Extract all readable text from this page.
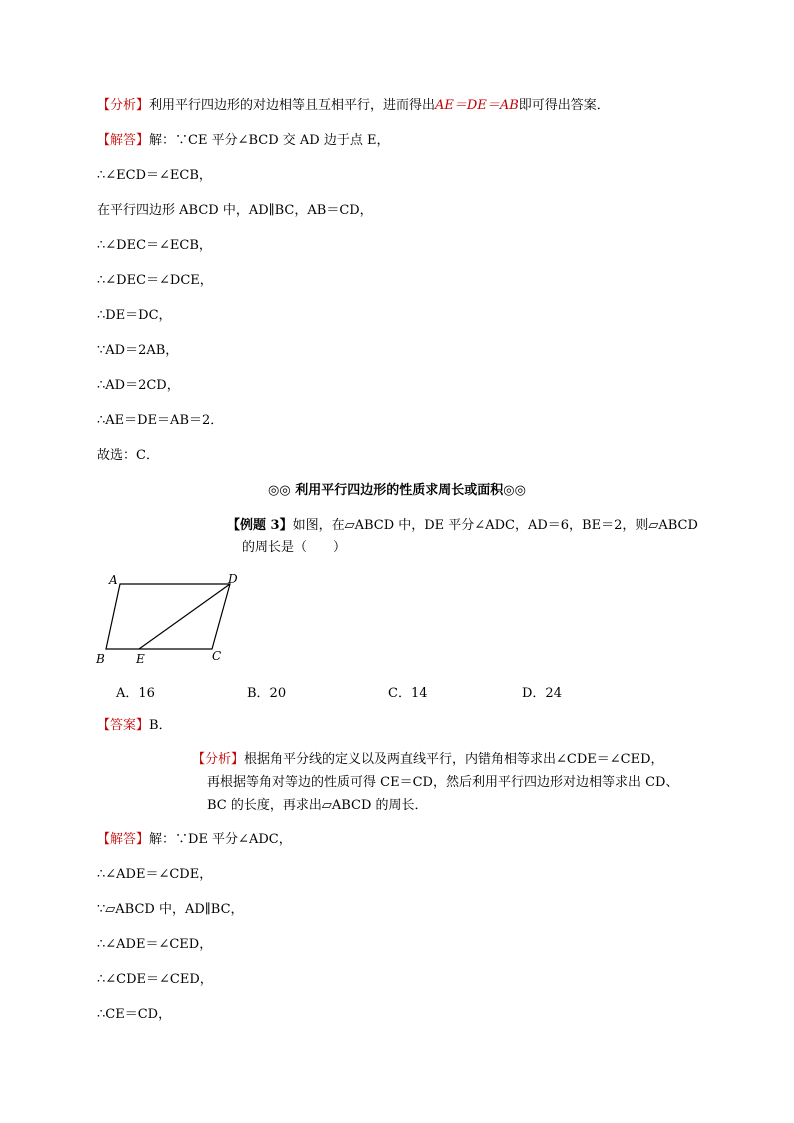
【分析】利用平行四边形的对边相等且互相平行，进而得出AE＝DE＝AB即可得出答案．
【解答】解：∵CE 平分∠BCD 交 AD 边于点 E，
∴∠ECD＝∠ECB，
在平行四边形 ABCD 中，AD∥BC，AB＝CD，
∴∠DEC＝∠ECB，
∴∠DEC＝∠DCE，
∴DE＝DC，
∵AD＝2AB，
∴AD＝2CD，
∴AE＝DE＝AB＝2．
故选：C．
◎◎ 利用平行四边形的性质求周长或面积◎◎
【例题 3】如图，在▱ABCD 中，DE 平分∠ADC，AD＝6，BE＝2，则▱ABCD
的周长是（　　）
A	D
B	E	C
A．16	B．20	C．14	D．24
【答案】B．
【分析】根据角平分线的定义以及两直线平行，内错角相等求出∠CDE＝∠CED，
再根据等角对等边的性质可得 CE＝CD，然后利用平行四边形对边相等求出 CD、
BC 的长度，再求出▱ABCD 的周长．
【解答】解：∵DE 平分∠ADC，
∴∠ADE＝∠CDE，
∵▱ABCD 中，AD∥BC，
∴∠ADE＝∠CED，
∴∠CDE＝∠CED，
∴CE＝CD，
